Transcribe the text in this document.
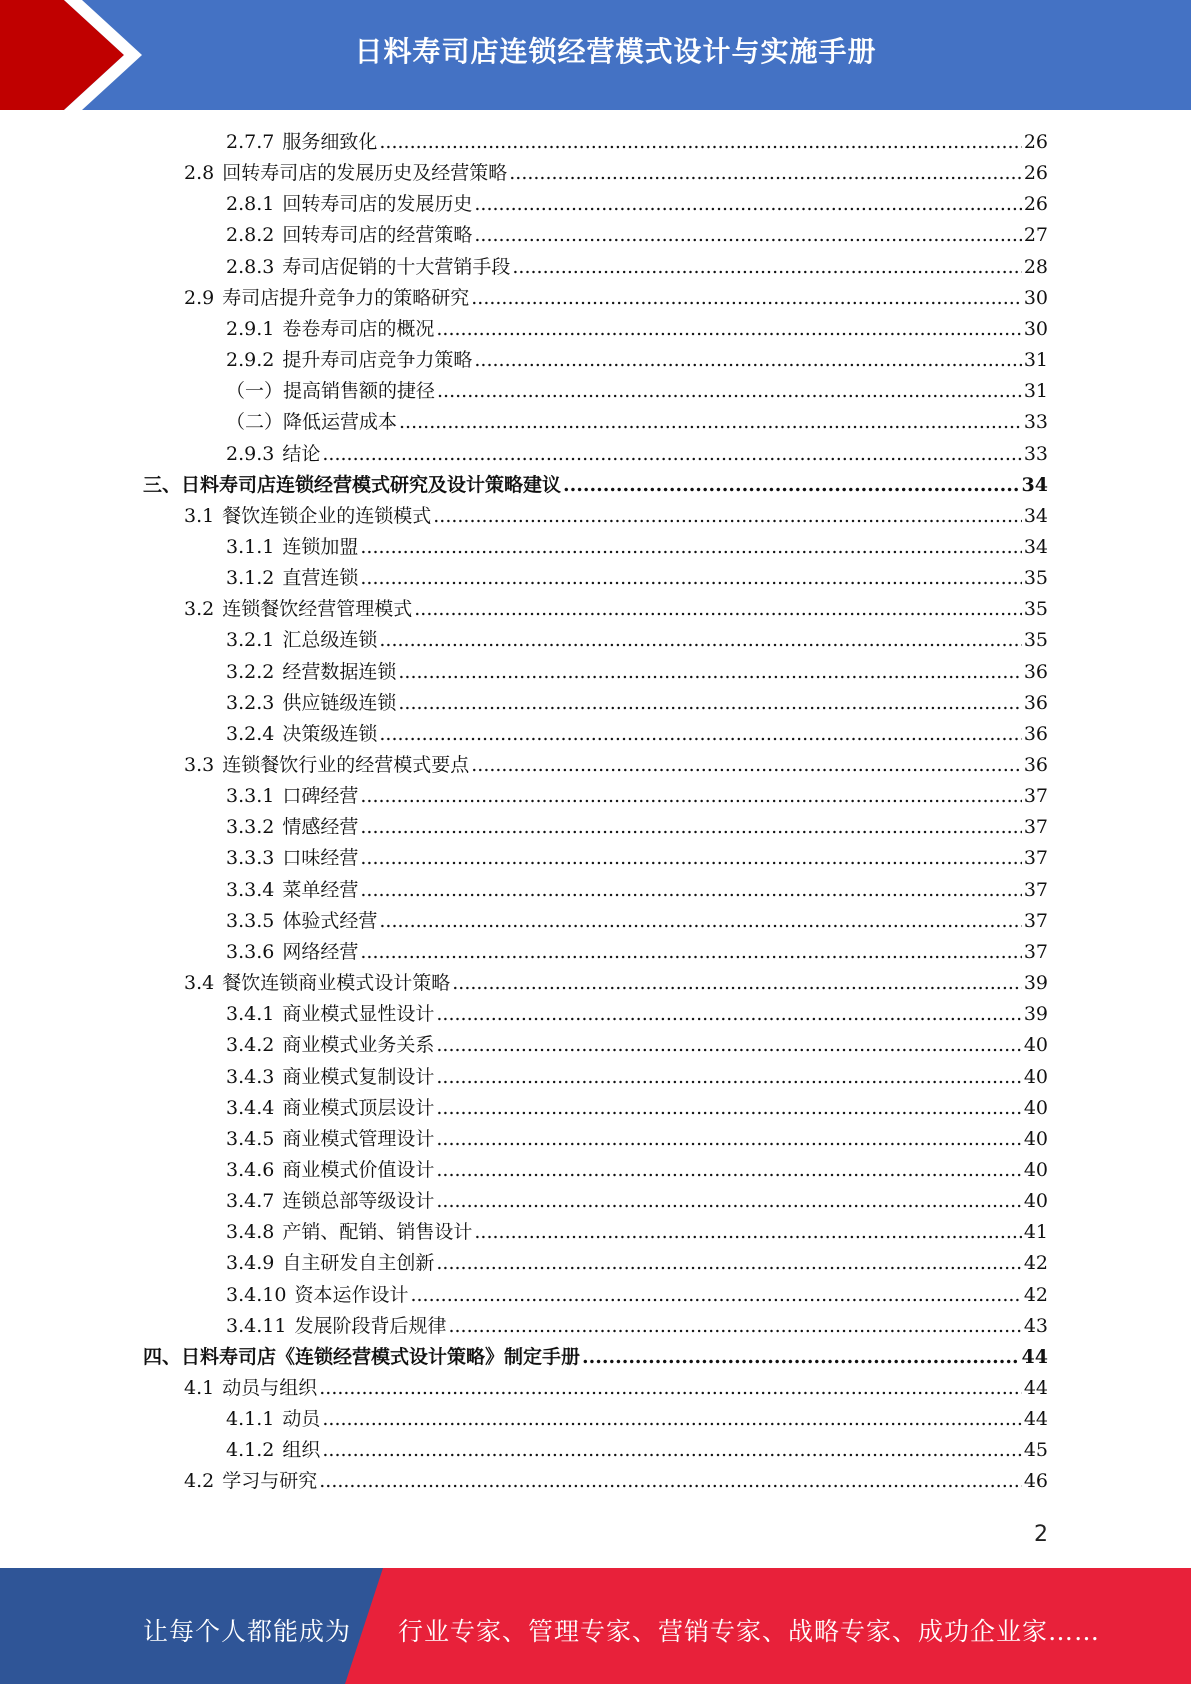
日料寿司店连锁经营模式设计与实施手册
2.7.7 服务细致化 .....	26
2.8 回转寿司店的发展历史及经营策略 .....	26
2.8.1 回转寿司店的发展历史 .....	26
2.8.2 回转寿司店的经营策略 .....	27
2.8.3 寿司店促销的十大营销手段 .....	28
2.9 寿司店提升竞争力的策略研究 .....	30
2.9.1 卷卷寿司店的概况 .....	30
2.9.2 提升寿司店竞争力策略 .....	31
（一）提高销售额的捷径 .....	31
（二）降低运营成本 .....	33
2.9.3 结论 .....	33
三、日料寿司店连锁经营模式研究及设计策略建议 .....	34
3.1 餐饮连锁企业的连锁模式 .....	34
3.1.1 连锁加盟 .....	34
3.1.2 直营连锁 .....	35
3.2 连锁餐饮经营管理模式 .....	35
3.2.1 汇总级连锁 .....	35
3.2.2 经营数据连锁 .....	36
3.2.3 供应链级连锁 .....	36
3.2.4 决策级连锁 .....	36
3.3 连锁餐饮行业的经营模式要点 .....	36
3.3.1 口碑经营 .....	37
3.3.2 情感经营 .....	37
3.3.3 口味经营 .....	37
3.3.4 菜单经营 .....	37
3.3.5 体验式经营 .....	37
3.3.6 网络经营 .....	37
3.4 餐饮连锁商业模式设计策略 .....	39
3.4.1 商业模式显性设计 .....	39
3.4.2 商业模式业务关系 .....	40
3.4.3 商业模式复制设计 .....	40
3.4.4 商业模式顶层设计 .....	40
3.4.5 商业模式管理设计 .....	40
3.4.6 商业模式价值设计 .....	40
3.4.7 连锁总部等级设计 .....	40
3.4.8 产销、配销、销售设计 .....	41
3.4.9 自主研发自主创新 .....	42
3.4.10 资本运作设计 .....	42
3.4.11 发展阶段背后规律 .....	43
四、日料寿司店《连锁经营模式设计策略》制定手册 .....	44
4.1 动员与组织 .....	44
4.1.1 动员 .....	44
4.1.2 组织 .....	45
4.2 学习与研究 .....	46
2
让每个人都能成为 行业专家、管理专家、营销专家、战略专家、成功企业家……
